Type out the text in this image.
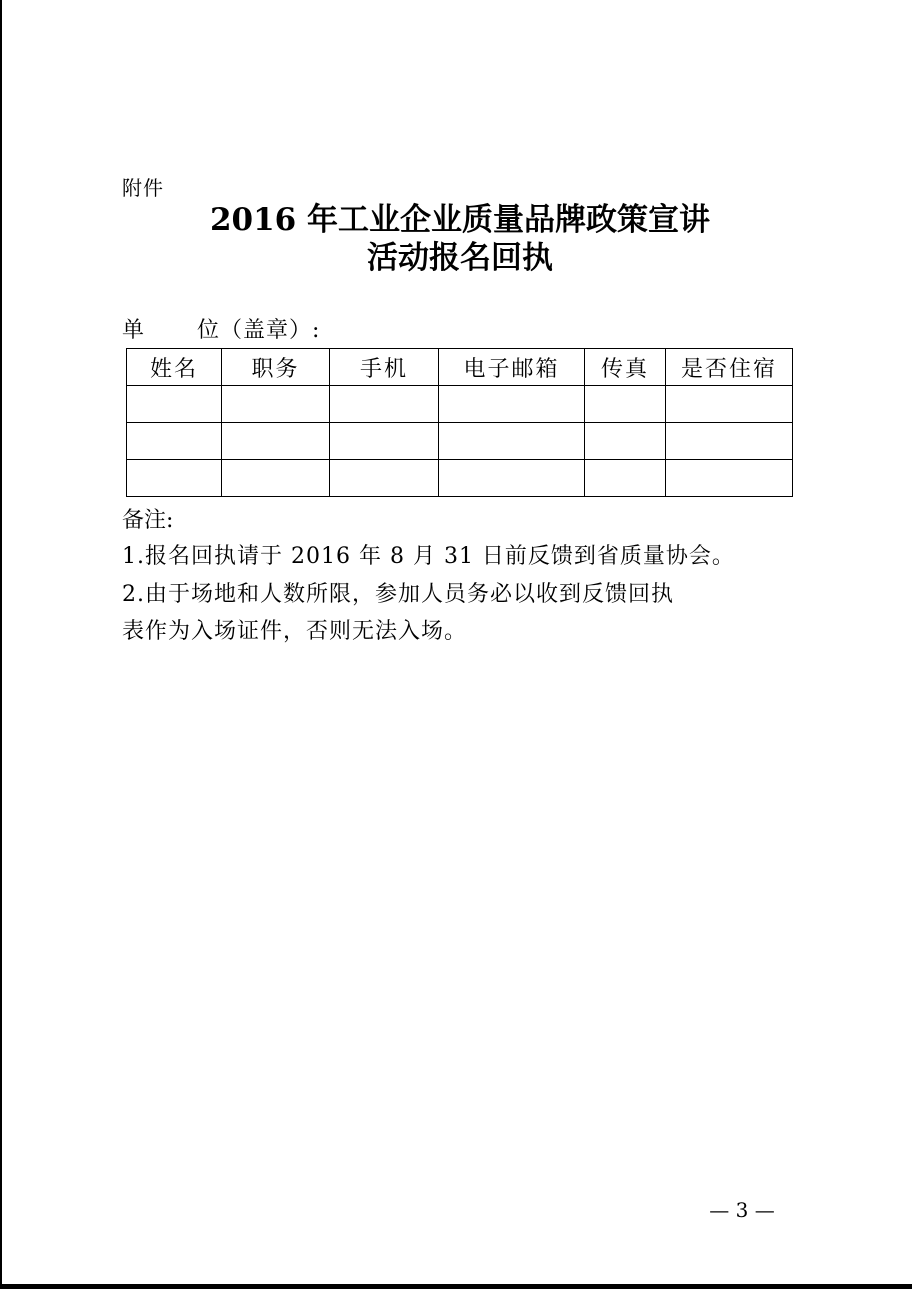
附件
2016 年工业企业质量品牌政策宣讲
活动报名回执
单 位（盖章）:
姓名	职务	手机	电子邮箱	传真	是否住宿

备注:
1.报名回执请于 2016 年 8 月 31 日前反馈到省质量协会。
2.由于场地和人数所限，参加人员务必以收到反馈回执
表作为入场证件，否则无法入场。
— 3 —
